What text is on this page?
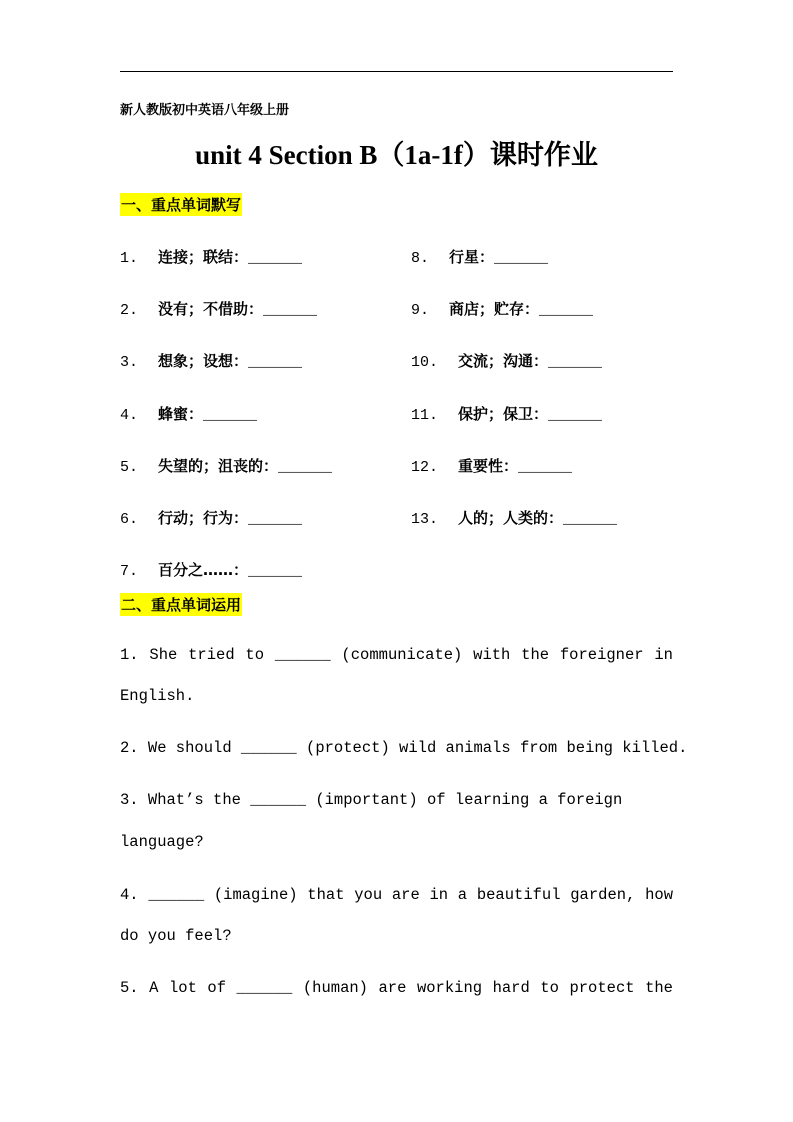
新人教版初中英语八年级上册
unit 4 Section B（1a-1f）课时作业
一、重点单词默写
1. 连接；联结：______
2. 没有；不借助：______
3. 想象；设想：______
4. 蜂蜜：______
5. 失望的；沮丧的：______
6. 行动；行为：______
7. 百分之……：______
8. 行星：______
9. 商店；贮存：______
10. 交流；沟通：______
11. 保护；保卫：______
12. 重要性：______
13. 人的；人类的：______
二、重点单词运用
1. She tried to ______ (communicate) with the foreigner in
English.
2. We should ______ (protect) wild animals from being killed.
3. What’s the ______ (important) of learning a foreign
language?
4. ______ (imagine) that you are in a beautiful garden, how
do you feel?
5. A lot of ______ (human) are working hard to protect the
